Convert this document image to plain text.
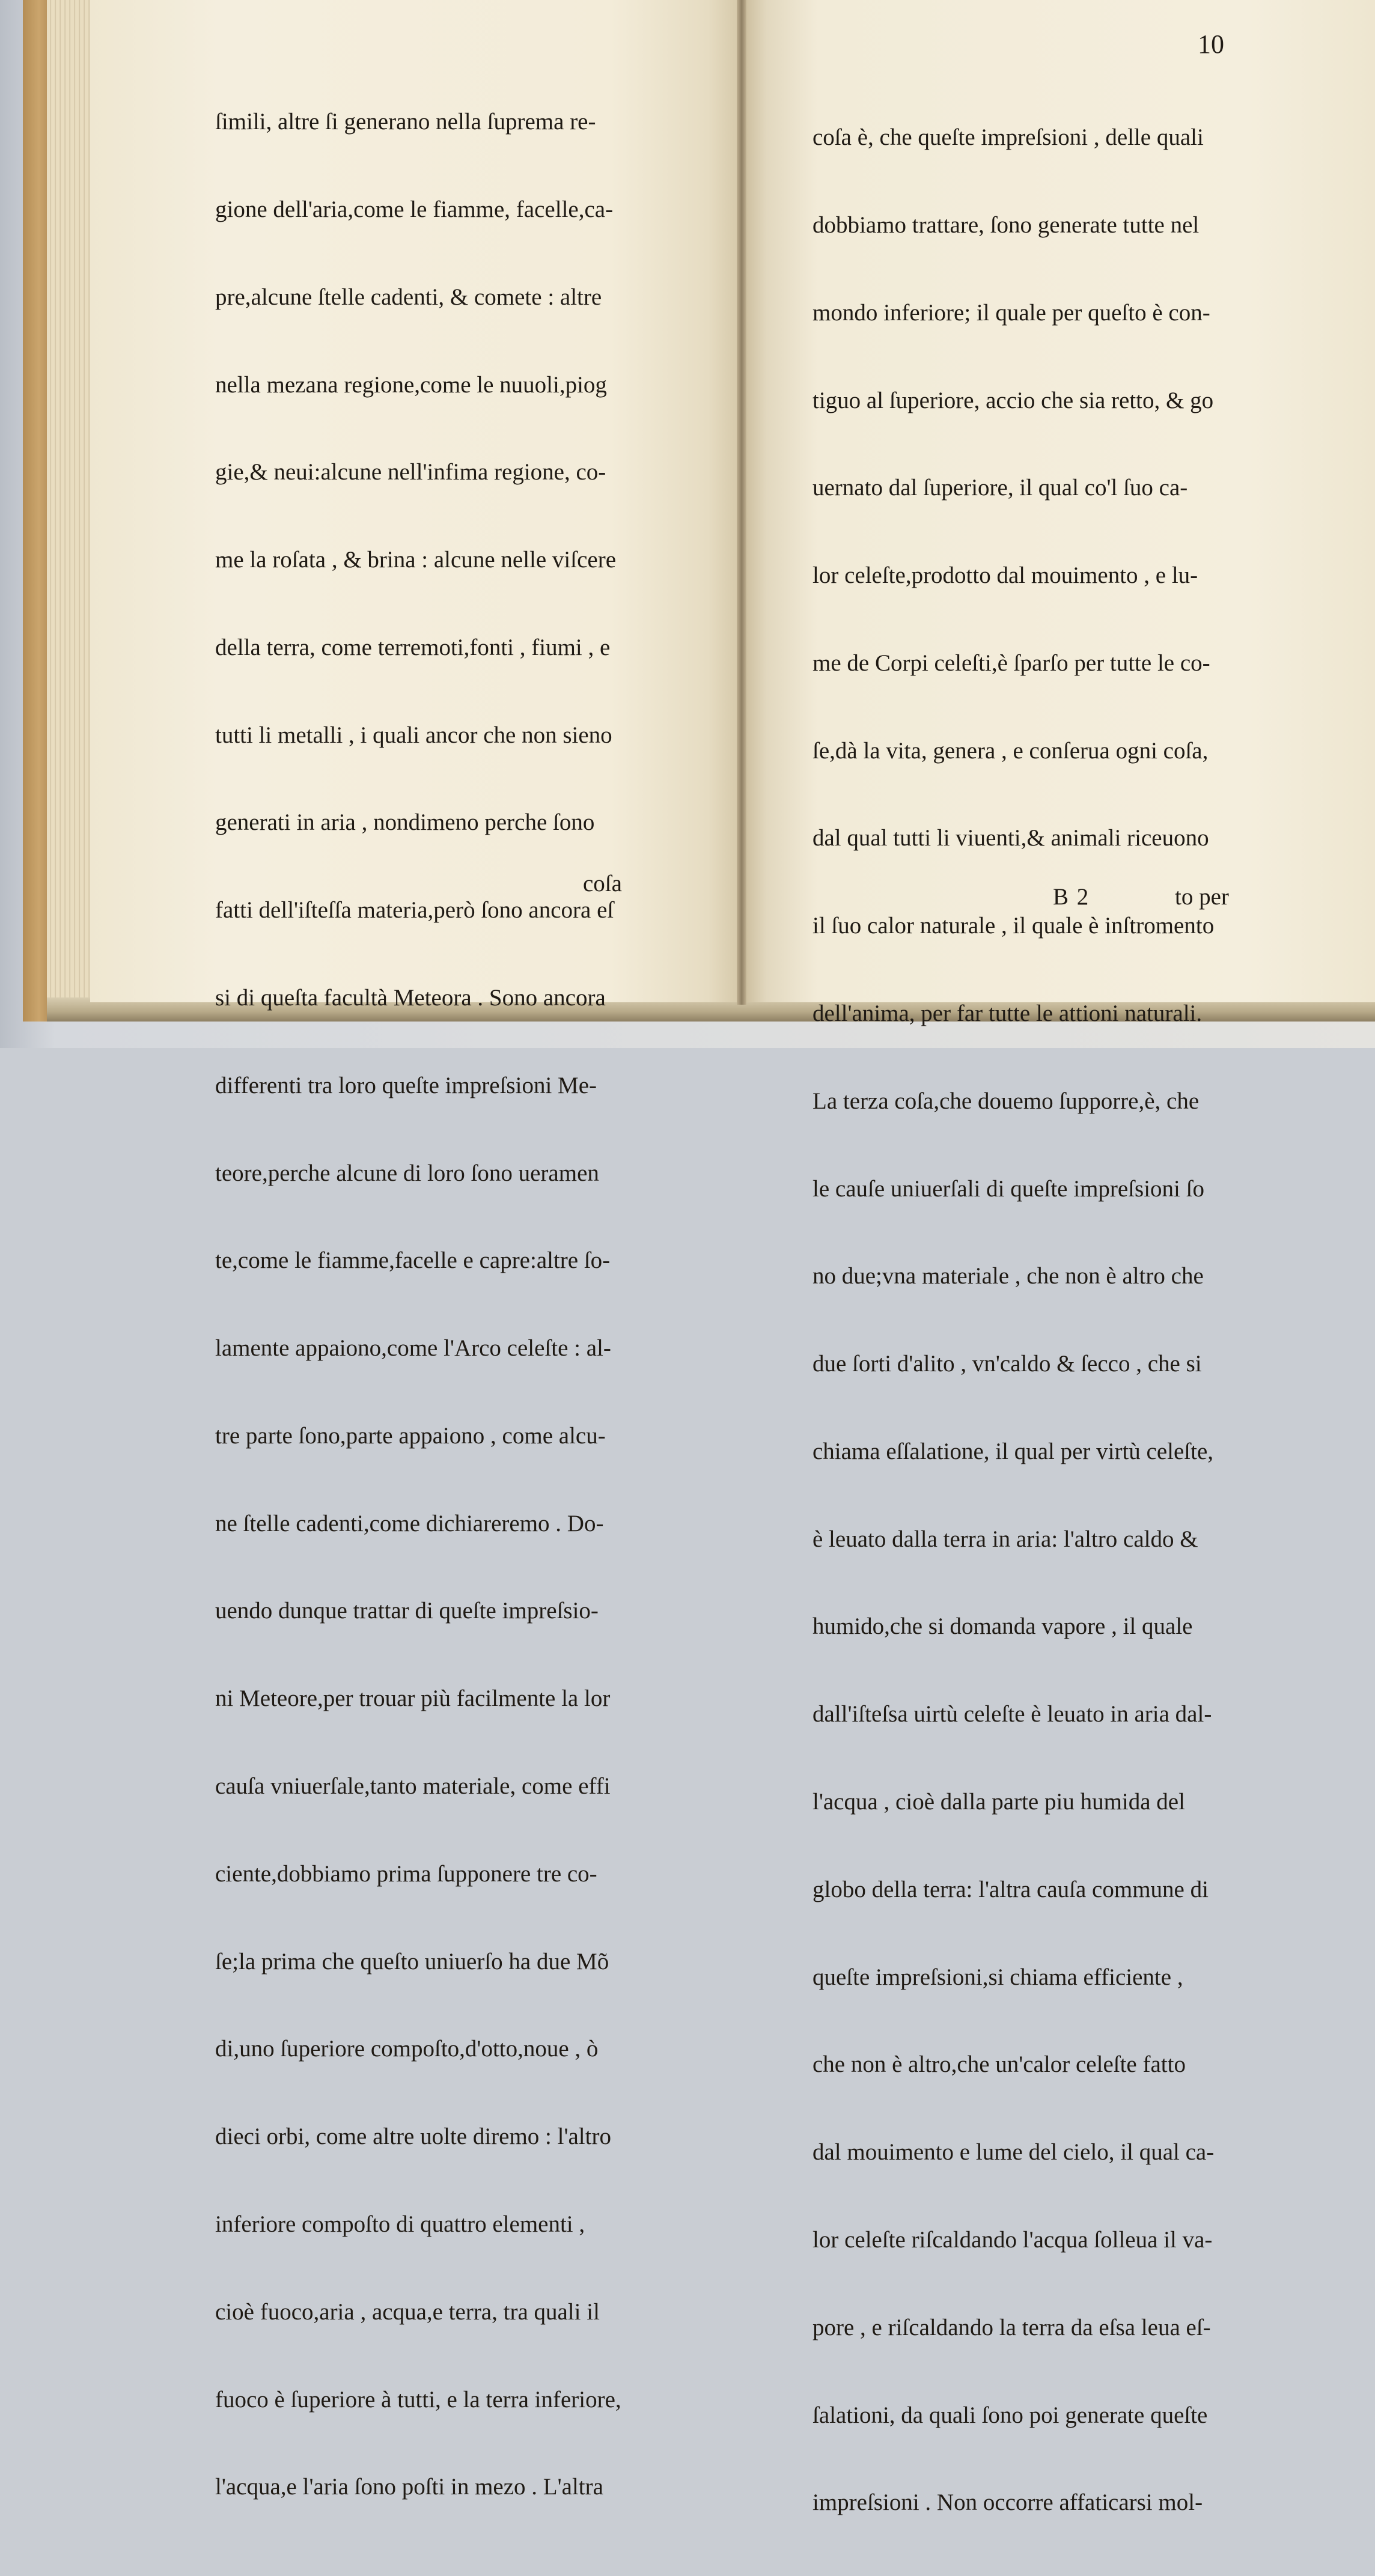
ſimili, altre ſi generano nella ſuprema re-

gione dell'aria,come le fiamme, facelle,ca-

pre,alcune ſtelle cadenti, & comete : altre

nella mezana regione,come le nuuoli,piog

gie,& neui:alcune nell'infima regione, co-

me la roſata , & brina : alcune nelle viſcere

della terra, come terremoti,fonti , fiumi , e

tutti li metalli , i quali ancor che non sieno

generati in aria , nondimeno perche ſono

fatti dell'iſteſſa materia,però ſono ancora eſ

si di queſta facultà Meteora . Sono ancora

differenti tra loro queſte impreſsioni Me-

teore,perche alcune di loro ſono ueramen

te,come le fiamme,facelle e capre:altre ſo-

lamente appaiono,come l'Arco celeſte : al-

tre parte ſono,parte appaiono , come alcu-

ne ſtelle cadenti,come dichiareremo . Do-

uendo dunque trattar di queſte impreſsio-

ni Meteore,per trouar più facilmente la lor

cauſa vniuerſale,tanto materiale, come effi

ciente,dobbiamo prima ſupponere tre co-

ſe;la prima che queſto uniuerſo ha due Mõ

di,uno ſuperiore compoſto,d'otto,noue , ò

dieci orbi, come altre uolte diremo : l'altro

inferiore compoſto di quattro elementi ,

cioè fuoco,aria , acqua,e terra, tra quali il

fuoco è ſuperiore à tutti, e la terra inferiore,

l'acqua,e l'aria ſono poſti in mezo . L'altra

coſa
10

coſa è, che queſte impreſsioni , delle quali

dobbiamo trattare, ſono generate tutte nel

mondo inferiore; il quale per queſto è con-

tiguo al ſuperiore, accio che sia retto, & go

uernato dal ſuperiore, il qual co'l ſuo ca-

lor celeſte,prodotto dal mouimento , e lu-

me de Corpi celeſti,è ſparſo per tutte le co-

ſe,dà la vita, genera , e conſerua ogni coſa,

dal qual tutti li viuenti,& animali riceuono

il ſuo calor naturale , il quale è inſtromento

dell'anima, per far tutte le attioni naturali.

La terza coſa,che douemo ſupporre,è, che

le cauſe uniuerſali di queſte impreſsioni ſo

no due;vna materiale , che non è altro che

due ſorti d'alito , vn'caldo & ſecco , che si

chiama eſſalatione, il qual per virtù celeſte,

è leuato dalla terra in aria: l'altro caldo &

humido,che si domanda vapore , il quale

dall'iſteſsa uirtù celeſte è leuato in aria dal-

l'acqua , cioè dalla parte piu humida del

globo della terra: l'altra cauſa commune di

queſte impreſsioni,si chiama efficiente ,

che non è altro,che un'calor celeſte fatto

dal mouimento e lume del cielo, il qual ca-

lor celeſte riſcaldando l'acqua ſolleua il va-

pore , e riſcaldando la terra da eſsa leua eſ-

ſalationi, da quali ſono poi generate queſte

impreſsioni . Non occorre affaticarsi mol-

B 2	to per
